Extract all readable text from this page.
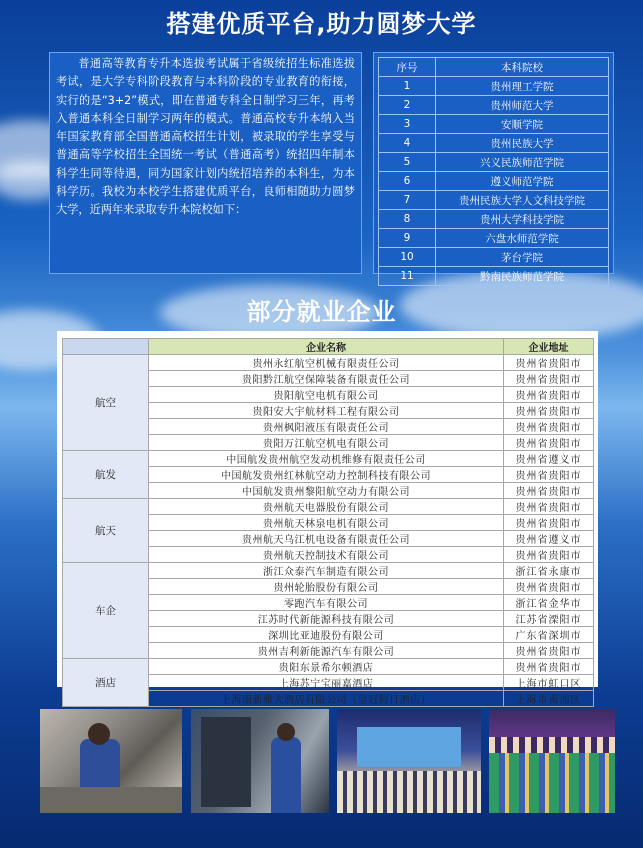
搭建优质平台,助力圆梦大学
普通高等教育专升本选拔考试属于省级统招生标准选拔考试，是大学专科阶段教育与本科阶段的专业教育的衔接，实行的是“3+2”模式，即在普通专科全日制学习三年，再考入普通本科全日制学习两年的模式。普通高校专升本纳入当年国家教育部全国普通高校招生计划，被录取的学生享受与普通高等学校招生全国统一考试（普通高考）统招四年制本科学生同等待遇，同为国家计划内统招培养的本科生，为本科学历。我校为本校学生搭建优质平台，良师相随助力圆梦大学，近两年来录取专升本院校如下：
序号	本科院校
1	贵州理工学院
2	贵州师范大学
3	安顺学院
4	贵州民族大学
5	兴义民族师范学院
6	遵义师范学院
7	贵州民族大学人文科技学院
8	贵州大学科技学院
9	六盘水师范学院
10	茅台学院
11	黔南民族师范学院
部分就业企业
	企业名称	企业地址
航空	贵州永红航空机械有限责任公司	贵州省贵阳市
	贵阳黔江航空保障装备有限责任公司	贵州省贵阳市
	贵阳航空电机有限公司	贵州省贵阳市
	贵阳安大宇航材料工程有限公司	贵州省贵阳市
	贵州枫阳液压有限责任公司	贵州省贵阳市
	贵阳万江航空机电有限公司	贵州省贵阳市
航发	中国航发贵州航空发动机维修有限责任公司	贵州省遵义市
	中国航发贵州红林航空动力控制科技有限公司	贵州省贵阳市
	中国航发贵州黎阳航空动力有限公司	贵州省贵阳市
航天	贵州航天电器股份有限公司	贵州省贵阳市
	贵州航天林泉电机有限公司	贵州省贵阳市
	贵州航天乌江机电设备有限责任公司	贵州省遵义市
	贵州航天控制技术有限公司	贵州省贵阳市
车企	浙江众泰汽车制造有限公司	浙江省永康市
	贵州轮胎股份有限公司	贵州省贵阳市
	零跑汽车有限公司	浙江省金华市
	江苏时代新能源科技有限公司	江苏省溧阳市
	深圳比亚迪股份有限公司	广东省深圳市
	贵州吉利新能源汽车有限公司	贵州省贵阳市
酒店	贵阳东景希尔顿酒店	贵州省贵阳市
	上海苏宁宝丽嘉酒店	上海市虹口区
	上海南新雅大酒店有限公司（皇冠假日酒店）	上海市黄浦区
